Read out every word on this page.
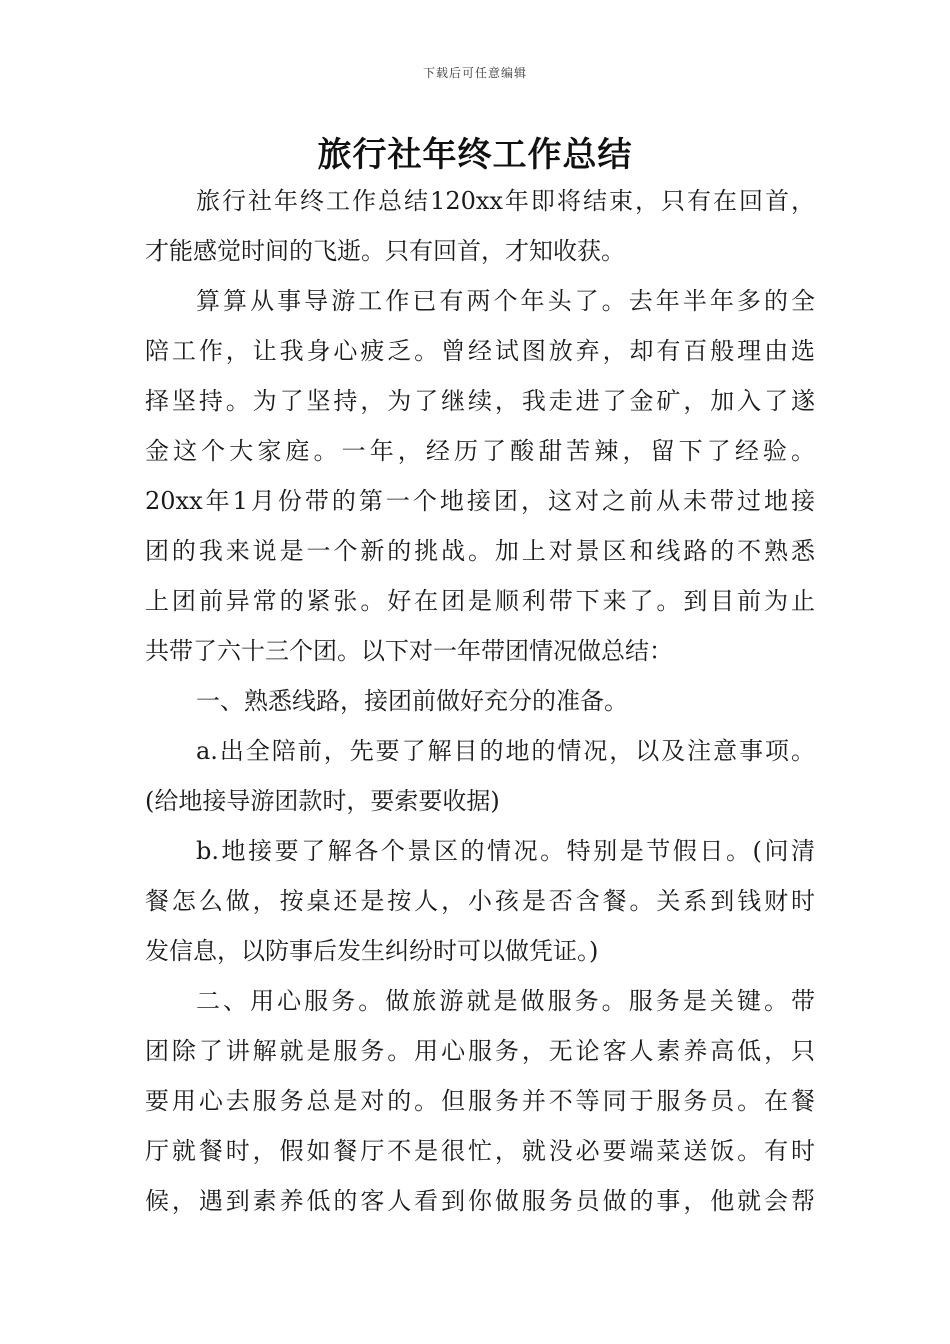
下载后可任意编辑
旅行社年终工作总结
旅行社年终工作总结120xx年即将结束，只有在回首，
才能感觉时间的飞逝。只有回首，才知收获。
算算从事导游工作已有两个年头了。去年半年多的全
陪工作，让我身心疲乏。曾经试图放弃，却有百般理由选
择坚持。为了坚持，为了继续，我走进了金矿，加入了遂
金这个大家庭。一年，经历了酸甜苦辣，留下了经验。
20xx年1月份带的第一个地接团，这对之前从未带过地接
团的我来说是一个新的挑战。加上对景区和线路的不熟悉
上团前异常的紧张。好在团是顺利带下来了。到目前为止
共带了六十三个团。以下对一年带团情况做总结：
一、熟悉线路，接团前做好充分的准备。
a.出全陪前，先要了解目的地的情况，以及注意事项。
(给地接导游团款时，要索要收据)
b.地接要了解各个景区的情况。特别是节假日。(问清
餐怎么做，按桌还是按人，小孩是否含餐。关系到钱财时
发信息，以防事后发生纠纷时可以做凭证。)
二、用心服务。做旅游就是做服务。服务是关键。带
团除了讲解就是服务。用心服务，无论客人素养高低，只
要用心去服务总是对的。但服务并不等同于服务员。在餐
厅就餐时，假如餐厅不是很忙，就没必要端菜送饭。有时
候，遇到素养低的客人看到你做服务员做的事，他就会帮
